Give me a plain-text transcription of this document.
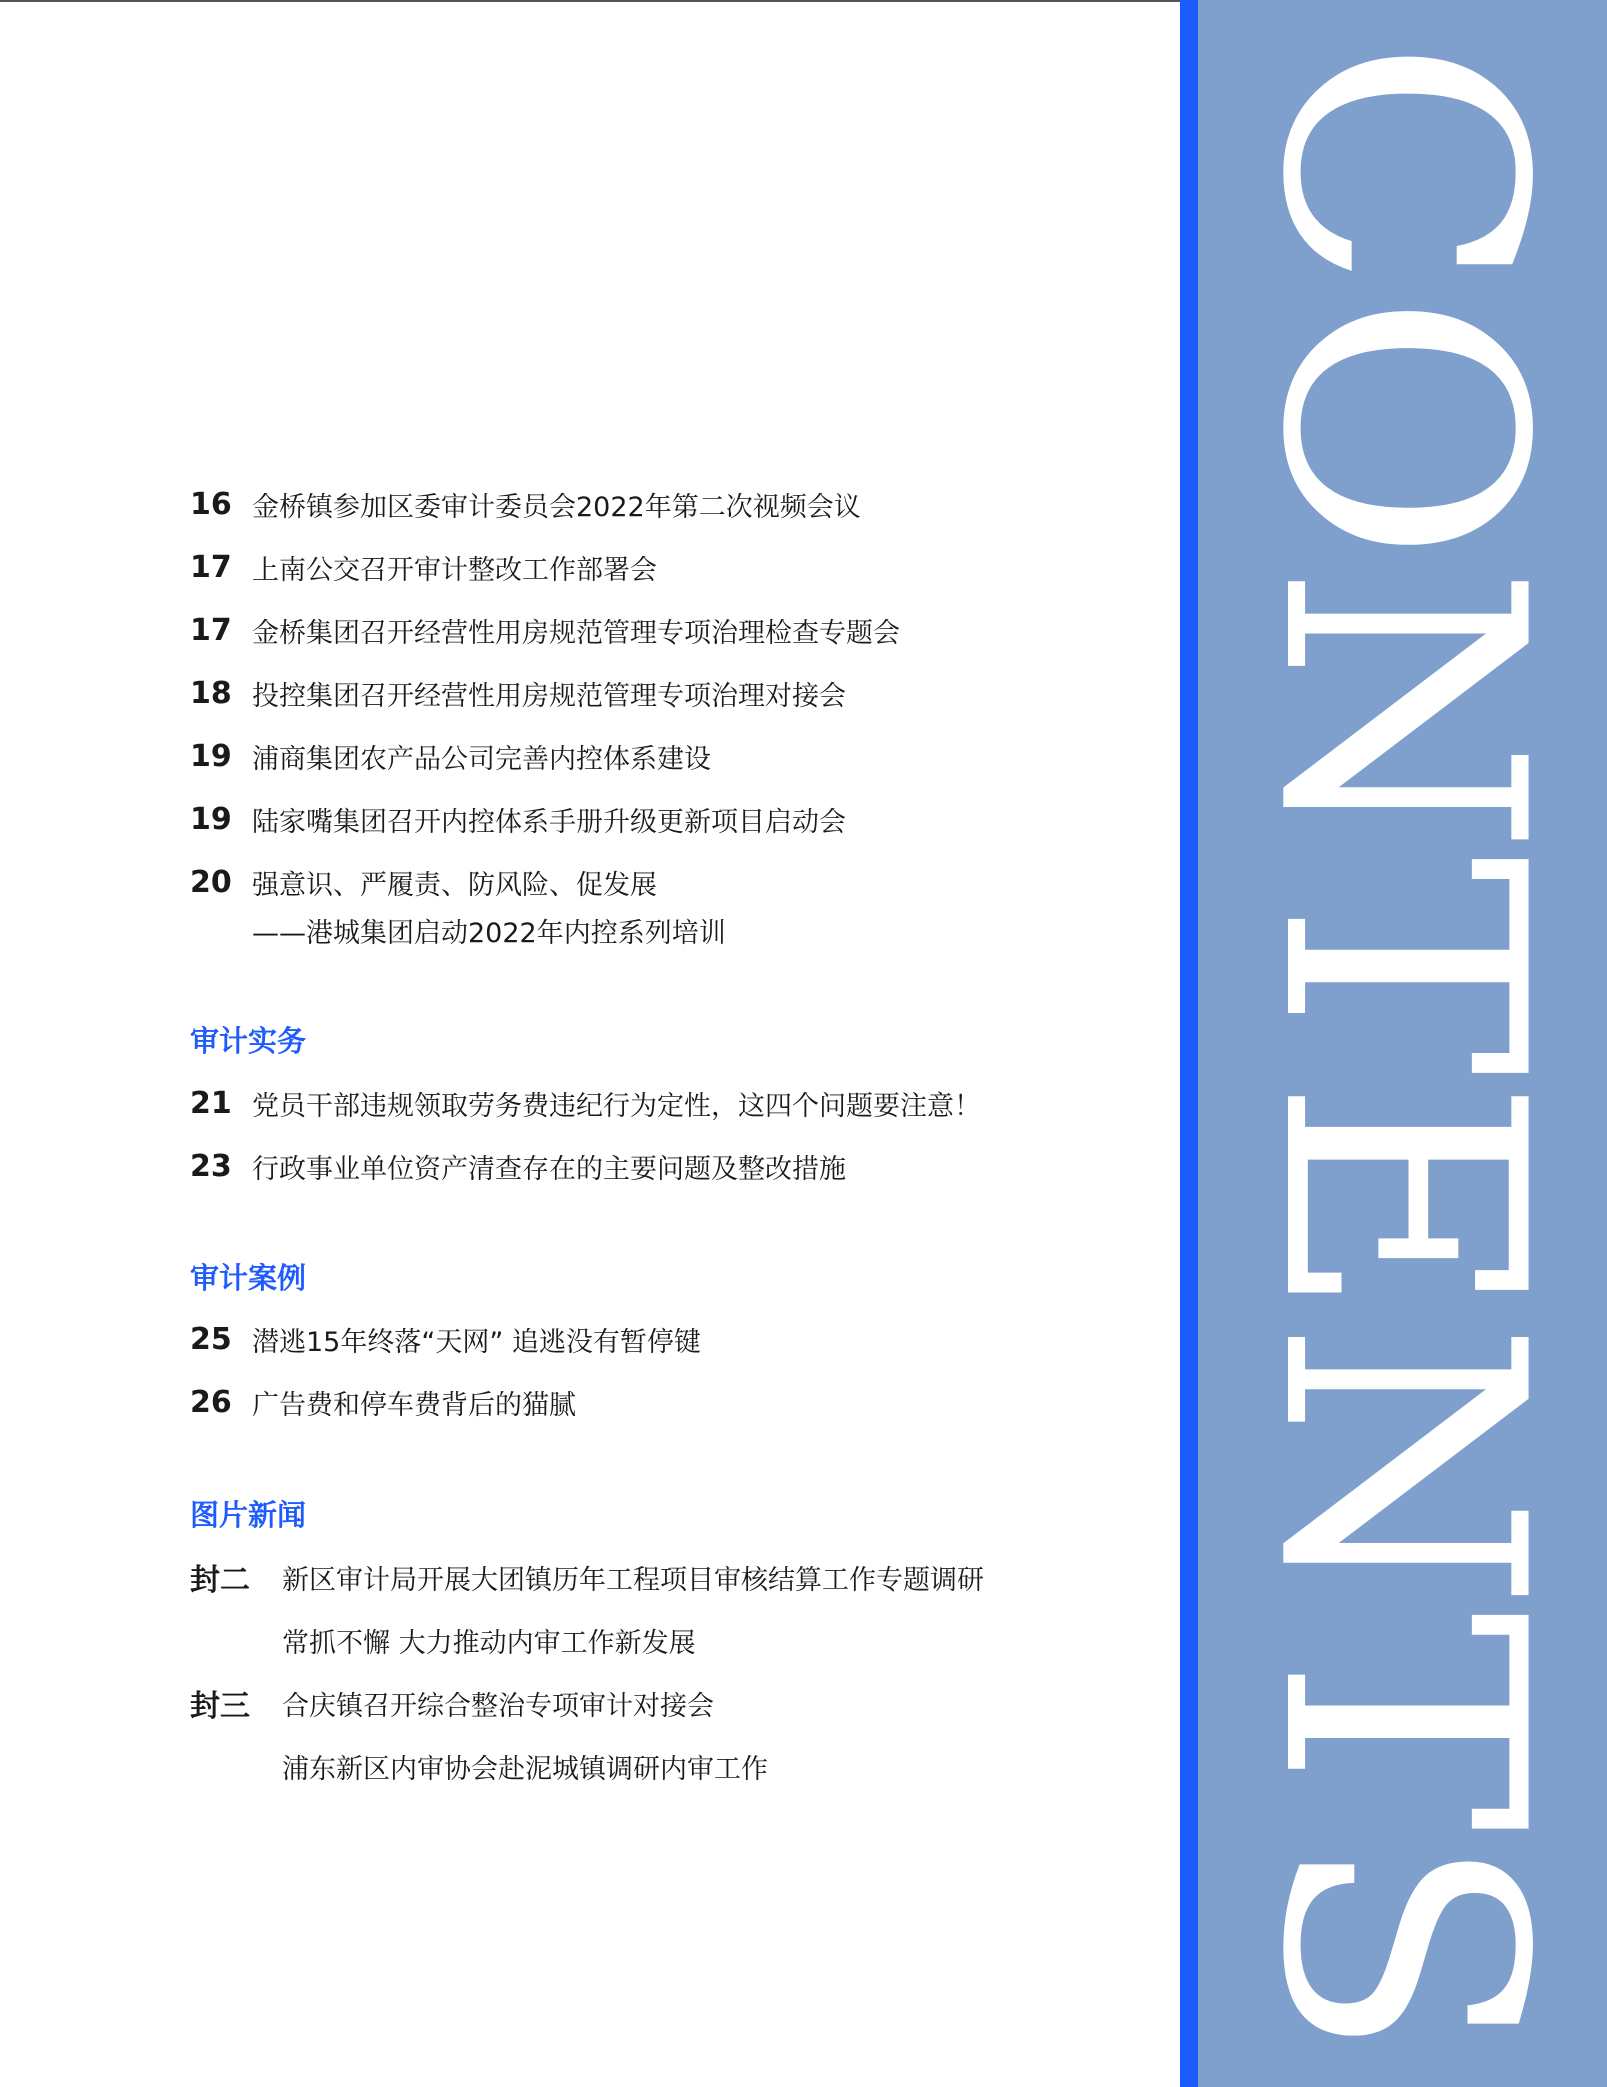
CONTENTS
16 金桥镇参加区委审计委员会2022年第二次视频会议
17 上南公交召开审计整改工作部署会
17 金桥集团召开经营性用房规范管理专项治理检查专题会
18 投控集团召开经营性用房规范管理专项治理对接会
19 浦商集团农产品公司完善内控体系建设
19 陆家嘴集团召开内控体系手册升级更新项目启动会
20 强意识、严履责、防风险、促发展
——港城集团启动2022年内控系列培训
审计实务
21 党员干部违规领取劳务费违纪行为定性，这四个问题要注意！
23 行政事业单位资产清查存在的主要问题及整改措施
审计案例
25 潜逃15年终落“天网” 追逃没有暂停键
26 广告费和停车费背后的猫腻
图片新闻
封二	新区审计局开展大团镇历年工程项目审核结算工作专题调研
常抓不懈 大力推动内审工作新发展
封三	合庆镇召开综合整治专项审计对接会
浦东新区内审协会赴泥城镇调研内审工作
